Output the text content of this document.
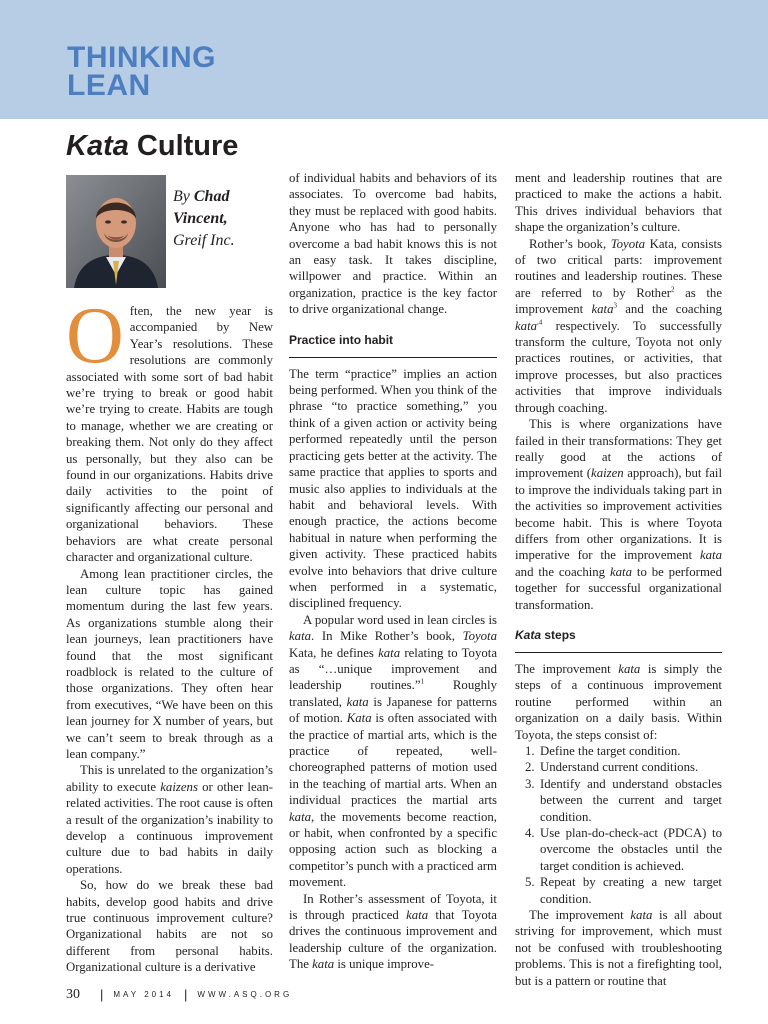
THINKING
LEAN
Kata Culture
By Chad
Vincent,
Greif Inc.

Often, the new year is accompanied by New Year’s resolutions. These resolutions are commonly associated with some sort of bad habit we’re trying to break or good habit we’re trying to create. Habits are tough to manage, whether we are creating or breaking them. Not only do they affect us personally, but they also can be found in our organizations. Habits drive daily activities to the point of significantly affecting our personal and organizational behaviors. These behaviors are what create personal character and organizational culture.

Among lean practitioner circles, the lean culture topic has gained momentum during the last few years. As organizations stumble along their lean journeys, lean practitioners have found that the most significant roadblock is related to the culture of those organizations. They often hear from executives, “We have been on this lean journey for X number of years, but we can’t seem to break through as a lean company.”

This is unrelated to the organization’s ability to execute kaizens or other lean-related activities. The root cause is often a result of the organization’s inability to develop a continuous improvement culture due to bad habits in daily operations.

So, how do we break these bad habits, develop good habits and drive true continuous improvement culture? Organizational habits are not so different from personal habits. Organizational culture is a derivative

of individual habits and behaviors of its associates. To overcome bad habits, they must be replaced with good habits. Anyone who has had to personally overcome a bad habit knows this is not an easy task. It takes discipline, willpower and practice. Within an organization, practice is the key factor to drive organizational change.

Practice into habit

The term “practice” implies an action being performed. When you think of the phrase “to practice something,” you think of a given action or activity being performed repeatedly until the person practicing gets better at the activity. The same practice that applies to sports and music also applies to individuals at the habit and behavioral levels. With enough practice, the actions become habitual in nature when performing the given activity. These practiced habits evolve into behaviors that drive culture when performed in a systematic, disciplined frequency.

A popular word used in lean circles is kata. In Mike Rother’s book, Toyota Kata, he defines kata relating to Toyota as “…unique improvement and leadership routines.”$^1$ Roughly translated, kata is Japanese for patterns of motion. Kata is often associated with the practice of martial arts, which is the practice of repeated, well-choreographed patterns of motion used in the teaching of martial arts. When an individual practices the martial arts kata, the movements become reaction, or habit, when confronted by a specific opposing action such as blocking a competitor’s punch with a practiced arm movement.

In Rother’s assessment of Toyota, it is through practiced kata that Toyota drives the continuous improvement and leadership culture of the organization. The kata is unique improve-

ment and leadership routines that are practiced to make the actions a habit. This drives individual behaviors that shape the organization’s culture.

Rother’s book, Toyota Kata, consists of two critical parts: improvement routines and leadership routines. These are referred to by Rother$^2$ as the improvement kata$^3$ and the coaching kata$^{,4}$ respectively. To successfully transform the culture, Toyota not only practices routines, or activities, that improve processes, but also practices activities that improve individuals through coaching.

This is where organizations have failed in their transformations: They get really good at the actions of improvement (kaizen approach), but fail to improve the individuals taking part in the activities so improvement activities become habit. This is where Toyota differs from other organizations. It is imperative for the improvement kata and the coaching kata to be performed together for successful organizational transformation.

Kata steps

The improvement kata is simply the steps of a continuous improvement routine performed within an organization on a daily basis. Within Toyota, the steps consist of:

1. Define the target condition.
2. Understand current conditions.
3. Identify and understand obstacles between the current and target condition.
4. Use plan-do-check-act (PDCA) to overcome the obstacles until the target condition is achieved.
5. Repeat by creating a new target condition.

The improvement kata is all about striving for improvement, which must not be confused with troubleshooting problems. This is not a firefighting tool, but is a pattern or routine that

30 | MAY 2014 | WWW.ASQ.ORG
